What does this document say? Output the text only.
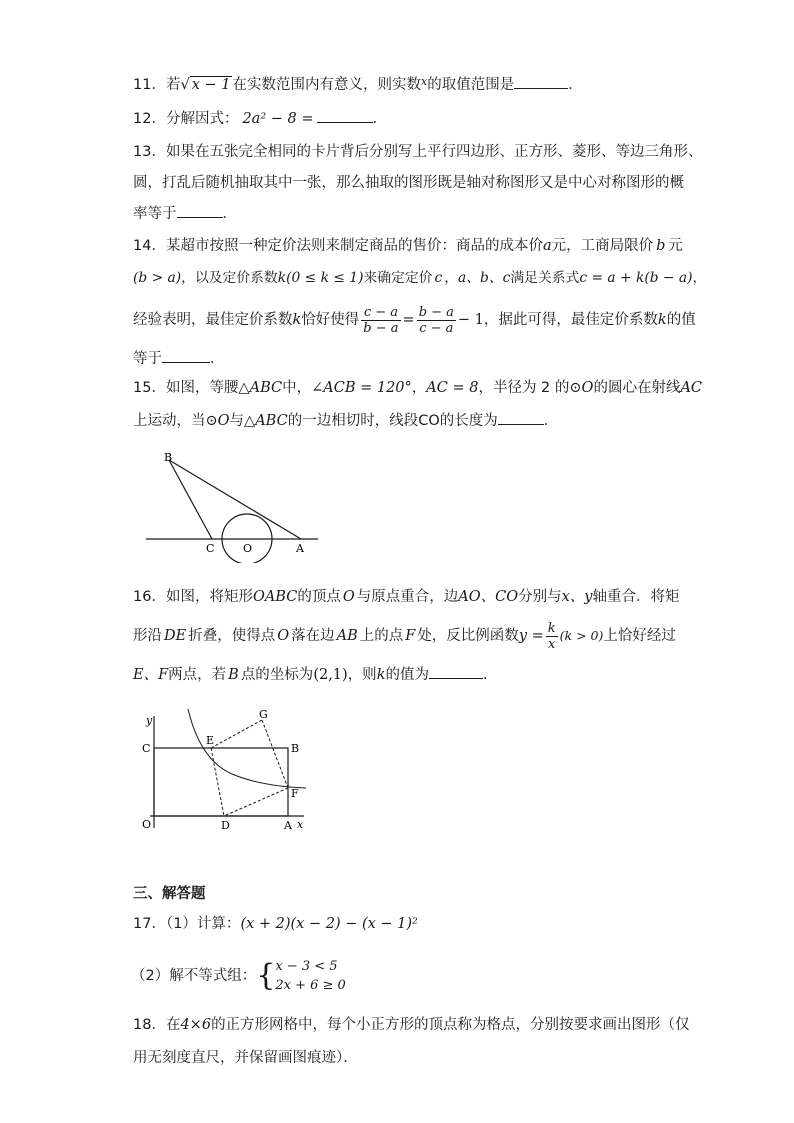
11．若√ x − 1 在实数范围内有意义，则实数$^x$的取值范围是	．
12．分解因式： 2a² − 8 =	．
13．如果在五张完全相同的卡片背后分别写上平行四边形、正方形、菱形、等边三角形、
圆，打乱后随机抽取其中一张，那么抽取的图形既是轴对称图形又是中心对称图形的概
率等于	．
14．某超市按照一种定价法则来制定商品的售价：商品的成本价a元，工商局限价 b 元
(b > a)，以及定价系数k(0 ≤ k ≤ 1)来确定定价 c ，a、b、c满足关系式c = a + k(b − a)，
经验表明，最佳定价系数k恰好使得 $\frac{c - a}{b - a} = \frac{b - a}{c - a} - 1$，据此可得，最佳定价系数k的值
等于	．
15．如图，等腰△ABC中，∠ACB = 120°，AC = 8，半径为 2 的⊙O的圆心在射线AC
上运动，当⊙O与△ABC的一边相切时，线段CO的长度为	．
B
C	O	A
16．如图，将矩形OABC的顶点 O 与原点重合，边AO、CO分别与x、y轴重合．将矩
形沿 DE 折叠，使得点 O 落在边 AB 上的点 F 处，反比例函数$y = \frac{k}{x} (k > 0)$上恰好经过
E、F两点，若 B 点的坐标为(2,1)，则k的值为	．
y
x
C
E
G
B
F
O	D	A
三、解答题
17．（1）计算：(x + 2)(x − 2) − (x − 1)²
（2）解不等式组：{ x − 3 < 5
2x + 6 ≥ 0
18．在4×6的正方形网格中，每个小正方形的顶点称为格点，分别按要求画出图形（仅
用无刻度直尺，并保留画图痕迹）．
